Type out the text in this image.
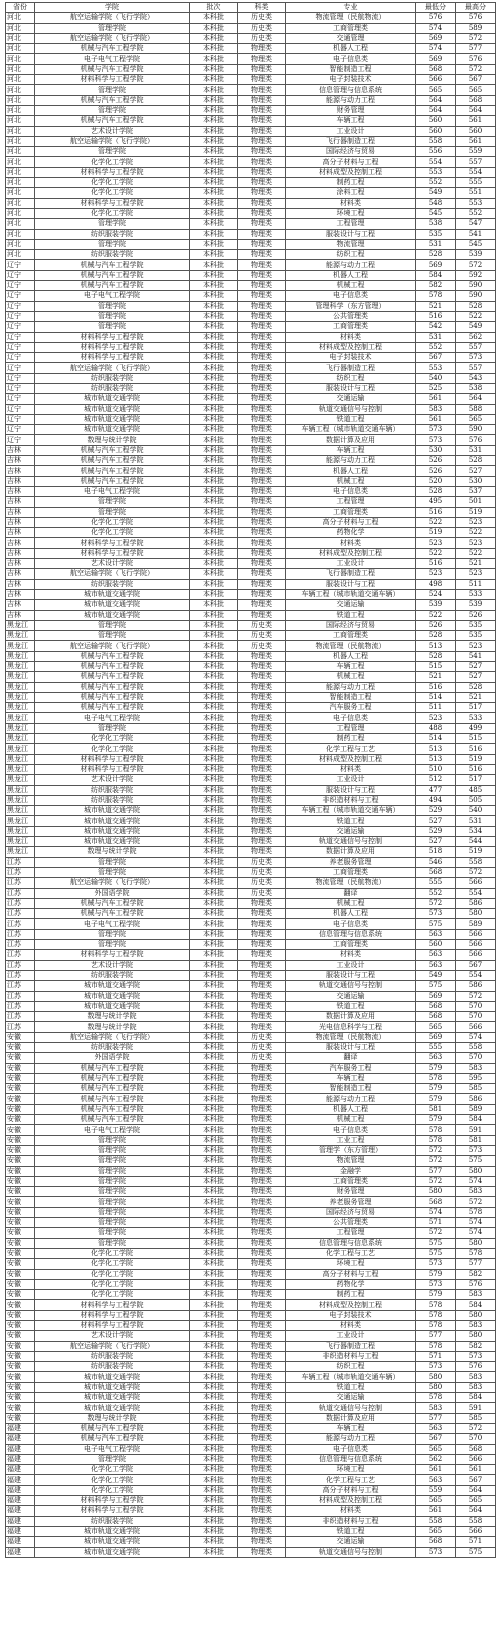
省份	学院	批次	科类	专业	最低分	最高分
河北	航空运输学院（飞行学院）	本科批	历史类	物流管理（民航物流）	576	576
河北	管理学院	本科批	历史类	工商管理类	574	589
河北	航空运输学院（飞行学院）	本科批	历史类	交通管理	569	572
河北	机械与汽车工程学院	本科批	物理类	机器人工程	574	577
河北	电子电气工程学院	本科批	物理类	电子信息类	569	576
河北	机械与汽车工程学院	本科批	物理类	智能制造工程	568	572
河北	材料科学与工程学院	本科批	物理类	电子封装技术	566	567
河北	管理学院	本科批	物理类	信息管理与信息系统	565	565
河北	机械与汽车工程学院	本科批	物理类	能源与动力工程	564	568
河北	管理学院	本科批	物理类	财务管理	564	564
河北	机械与汽车工程学院	本科批	物理类	车辆工程	560	561
河北	艺术设计学院	本科批	物理类	工业设计	560	560
河北	航空运输学院（飞行学院）	本科批	物理类	飞行器制造工程	558	561
河北	管理学院	本科批	物理类	国际经济与贸易	556	559
河北	化学化工学院	本科批	物理类	高分子材料与工程	554	557
河北	材料科学与工程学院	本科批	物理类	材料成型及控制工程	553	554
河北	化学化工学院	本科批	物理类	制药工程	552	555
河北	化学化工学院	本科批	物理类	涂料工程	549	551
河北	材料科学与工程学院	本科批	物理类	材料类	548	553
河北	化学化工学院	本科批	物理类	环境工程	545	552
河北	管理学院	本科批	物理类	工程管理	538	547
河北	纺织服装学院	本科批	物理类	服装设计与工程	535	541
河北	管理学院	本科批	物理类	物流管理	531	545
河北	纺织服装学院	本科批	物理类	纺织工程	528	539
辽宁	机械与汽车工程学院	本科批	物理类	能源与动力工程	569	572
辽宁	机械与汽车工程学院	本科批	物理类	机器人工程	584	592
辽宁	机械与汽车工程学院	本科批	物理类	机械工程	582	590
辽宁	电子电气工程学院	本科批	物理类	电子信息类	578	590
辽宁	管理学院	本科批	物理类	管理科学（东方管理）	521	528
辽宁	管理学院	本科批	物理类	公共管理类	516	522
辽宁	管理学院	本科批	物理类	工商管理类	542	549
辽宁	材料科学与工程学院	本科批	物理类	材料类	531	562
辽宁	材料科学与工程学院	本科批	物理类	材料成型及控制工程	552	557
辽宁	材料科学与工程学院	本科批	物理类	电子封装技术	567	573
辽宁	航空运输学院（飞行学院）	本科批	物理类	飞行器制造工程	553	557
辽宁	纺织服装学院	本科批	物理类	纺织工程	540	543
辽宁	纺织服装学院	本科批	物理类	服装设计与工程	525	538
辽宁	城市轨道交通学院	本科批	物理类	交通运输	561	564
辽宁	城市轨道交通学院	本科批	物理类	轨道交通信号与控制	583	588
辽宁	城市轨道交通学院	本科批	物理类	铁道工程	561	565
辽宁	城市轨道交通学院	本科批	物理类	车辆工程（城市轨道交通车辆）	573	590
辽宁	数理与统计学院	本科批	物理类	数据计算及应用	573	576
吉林	机械与汽车工程学院	本科批	物理类	车辆工程	530	531
吉林	机械与汽车工程学院	本科批	物理类	能源与动力工程	526	528
吉林	机械与汽车工程学院	本科批	物理类	机器人工程	526	527
吉林	机械与汽车工程学院	本科批	物理类	机械工程	520	530
吉林	电子电气工程学院	本科批	物理类	电子信息类	528	537
吉林	管理学院	本科批	物理类	工程管理	495	501
吉林	管理学院	本科批	物理类	工商管理类	516	519
吉林	化学化工学院	本科批	物理类	高分子材料与工程	522	523
吉林	化学化工学院	本科批	物理类	药物化学	519	522
吉林	材料科学与工程学院	本科批	物理类	材料类	523	523
吉林	材料科学与工程学院	本科批	物理类	材料成型及控制工程	522	522
吉林	艺术设计学院	本科批	物理类	工业设计	516	521
吉林	航空运输学院（飞行学院）	本科批	物理类	飞行器制造工程	523	523
吉林	纺织服装学院	本科批	物理类	服装设计与工程	498	511
吉林	城市轨道交通学院	本科批	物理类	车辆工程（城市轨道交通车辆）	524	533
吉林	城市轨道交通学院	本科批	物理类	交通运输	539	539
吉林	城市轨道交通学院	本科批	物理类	铁道工程	522	526
黑龙江	管理学院	本科批	历史类	国际经济与贸易	526	535
黑龙江	管理学院	本科批	历史类	工商管理类	528	535
黑龙江	航空运输学院（飞行学院）	本科批	历史类	物流管理（民航物流）	513	523
黑龙江	机械与汽车工程学院	本科批	物理类	机器人工程	528	541
黑龙江	机械与汽车工程学院	本科批	物理类	车辆工程	515	527
黑龙江	机械与汽车工程学院	本科批	物理类	机械工程	521	527
黑龙江	机械与汽车工程学院	本科批	物理类	能源与动力工程	516	528
黑龙江	机械与汽车工程学院	本科批	物理类	智能制造工程	514	521
黑龙江	机械与汽车工程学院	本科批	物理类	汽车服务工程	511	517
黑龙江	电子电气工程学院	本科批	物理类	电子信息类	523	533
黑龙江	管理学院	本科批	物理类	工程管理	488	499
黑龙江	化学化工学院	本科批	物理类	制药工程	514	515
黑龙江	化学化工学院	本科批	物理类	化学工程与工艺	513	516
黑龙江	材料科学与工程学院	本科批	物理类	材料成型及控制工程	513	519
黑龙江	材料科学与工程学院	本科批	物理类	材料类	510	516
黑龙江	艺术设计学院	本科批	物理类	工业设计	512	517
黑龙江	纺织服装学院	本科批	物理类	服装设计与工程	477	485
黑龙江	纺织服装学院	本科批	物理类	非织造材料与工程	494	505
黑龙江	城市轨道交通学院	本科批	物理类	车辆工程（城市轨道交通车辆）	529	540
黑龙江	城市轨道交通学院	本科批	物理类	铁道工程	527	531
黑龙江	城市轨道交通学院	本科批	物理类	交通运输	529	534
黑龙江	城市轨道交通学院	本科批	物理类	轨道交通信号与控制	527	544
黑龙江	数理与统计学院	本科批	物理类	数据计算及应用	518	519
江苏	管理学院	本科批	历史类	养老服务管理	546	558
江苏	管理学院	本科批	历史类	工商管理类	568	572
江苏	航空运输学院（飞行学院）	本科批	历史类	物流管理（民航物流）	555	566
江苏	外国语学院	本科批	历史类	翻译	552	554
江苏	机械与汽车工程学院	本科批	物理类	机械工程	572	586
江苏	机械与汽车工程学院	本科批	物理类	机器人工程	573	580
江苏	电子电气工程学院	本科批	物理类	电子信息类	575	589
江苏	管理学院	本科批	物理类	信息管理与信息系统	563	566
江苏	管理学院	本科批	物理类	工商管理类	560	566
江苏	材料科学与工程学院	本科批	物理类	材料类	563	566
江苏	艺术设计学院	本科批	物理类	工业设计	563	567
江苏	纺织服装学院	本科批	物理类	服装设计与工程	549	554
江苏	城市轨道交通学院	本科批	物理类	轨道交通信号与控制	575	586
江苏	城市轨道交通学院	本科批	物理类	交通运输	569	572
江苏	城市轨道交通学院	本科批	物理类	铁道工程	568	570
江苏	数理与统计学院	本科批	物理类	数据计算及应用	568	570
江苏	数理与统计学院	本科批	物理类	光电信息科学与工程	565	566
安徽	航空运输学院（飞行学院）	本科批	历史类	物流管理（民航物流）	569	574
安徽	纺织服装学院	本科批	历史类	服装设计与工程	555	558
安徽	外国语学院	本科批	历史类	翻译	563	570
安徽	机械与汽车工程学院	本科批	物理类	汽车服务工程	579	583
安徽	机械与汽车工程学院	本科批	物理类	车辆工程	578	595
安徽	机械与汽车工程学院	本科批	物理类	智能制造工程	579	585
安徽	机械与汽车工程学院	本科批	物理类	能源与动力工程	579	586
安徽	机械与汽车工程学院	本科批	物理类	机器人工程	581	589
安徽	机械与汽车工程学院	本科批	物理类	机械工程	579	584
安徽	电子电气工程学院	本科批	物理类	电子信息类	578	591
安徽	管理学院	本科批	物理类	工业工程	578	581
安徽	管理学院	本科批	物理类	管理学（东方管理）	572	573
安徽	管理学院	本科批	物理类	物流管理	572	575
安徽	管理学院	本科批	物理类	金融学	577	580
安徽	管理学院	本科批	物理类	工商管理类	572	574
安徽	管理学院	本科批	物理类	财务管理	580	583
安徽	管理学院	本科批	物理类	养老服务管理	568	572
安徽	管理学院	本科批	物理类	国际经济与贸易	574	578
安徽	管理学院	本科批	物理类	公共管理类	571	574
安徽	管理学院	本科批	物理类	工程管理	572	574
安徽	管理学院	本科批	物理类	信息管理与信息系统	575	580
安徽	化学化工学院	本科批	物理类	化学工程与工艺	575	578
安徽	化学化工学院	本科批	物理类	环境工程	573	577
安徽	化学化工学院	本科批	物理类	高分子材料与工程	579	582
安徽	化学化工学院	本科批	物理类	药物化学	573	576
安徽	化学化工学院	本科批	物理类	制药工程	579	583
安徽	材料科学与工程学院	本科批	物理类	材料成型及控制工程	578	584
安徽	材料科学与工程学院	本科批	物理类	电子封装技术	578	580
安徽	材料科学与工程学院	本科批	物理类	材料类	578	583
安徽	艺术设计学院	本科批	物理类	工业设计	577	580
安徽	航空运输学院（飞行学院）	本科批	物理类	飞行器制造工程	578	582
安徽	纺织服装学院	本科批	物理类	非织造材料与工程	571	573
安徽	纺织服装学院	本科批	物理类	纺织工程	573	576
安徽	城市轨道交通学院	本科批	物理类	车辆工程（城市轨道交通车辆）	580	583
安徽	城市轨道交通学院	本科批	物理类	铁道工程	580	583
安徽	城市轨道交通学院	本科批	物理类	交通运输	578	584
安徽	城市轨道交通学院	本科批	物理类	轨道交通信号与控制	583	591
安徽	数理与统计学院	本科批	物理类	数据计算及应用	577	585
福建	机械与汽车工程学院	本科批	物理类	车辆工程	563	572
福建	机械与汽车工程学院	本科批	物理类	能源与动力工程	567	570
福建	电子电气工程学院	本科批	物理类	电子信息类	565	568
福建	管理学院	本科批	物理类	信息管理与信息系统	562	566
福建	化学化工学院	本科批	物理类	环境工程	561	561
福建	化学化工学院	本科批	物理类	化学工程与工艺	563	567
福建	化学化工学院	本科批	物理类	高分子材料与工程	559	564
福建	材料科学与工程学院	本科批	物理类	材料成型及控制工程	565	565
福建	材料科学与工程学院	本科批	物理类	材料类	561	564
福建	纺织服装学院	本科批	物理类	非织造材料与工程	558	558
福建	城市轨道交通学院	本科批	物理类	铁道工程	565	566
福建	城市轨道交通学院	本科批	物理类	交通运输	568	571
福建	城市轨道交通学院	本科批	物理类	轨道交通信号与控制	573	575
